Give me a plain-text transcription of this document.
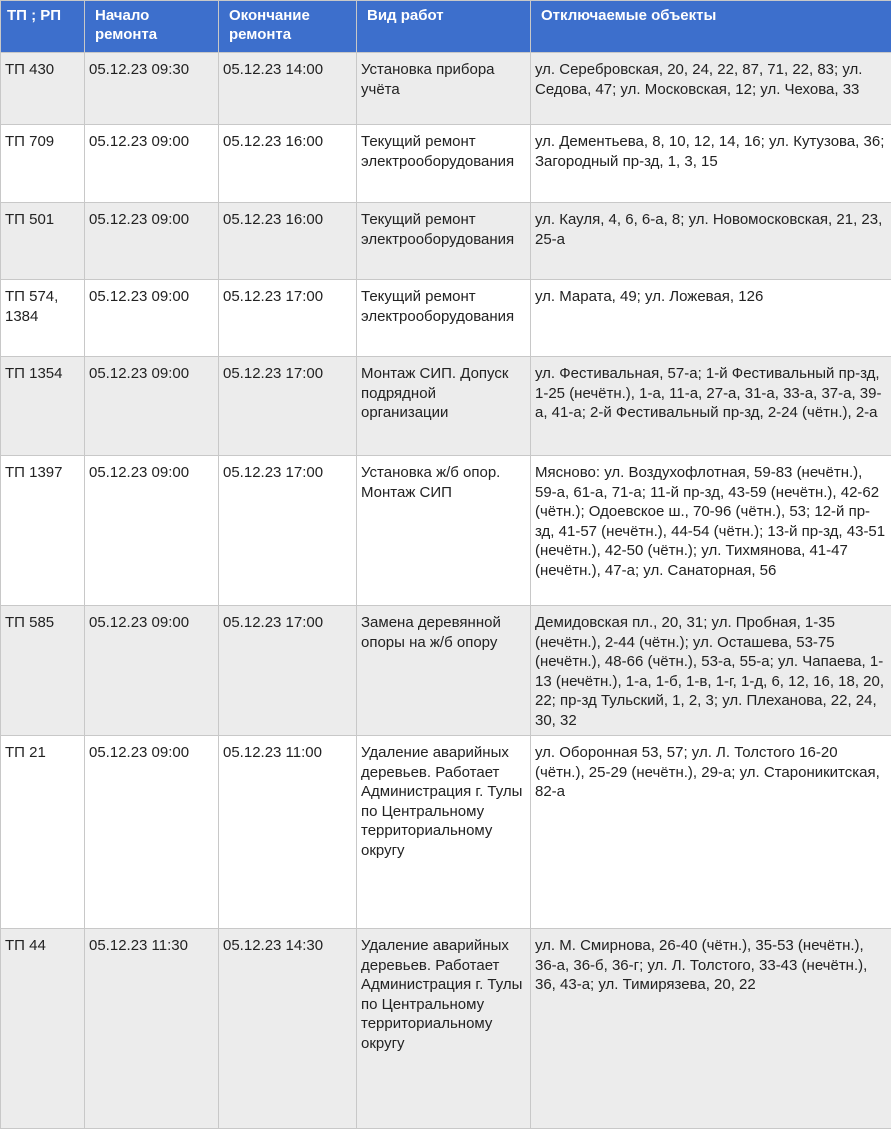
ТП ; РП	Начало ремонта	Окончание ремонта	Вид работ	Отключаемые объекты
ТП 430	05.12.23 09:30	05.12.23 14:00	Установка прибора учёта	ул. Серебровская, 20, 24, 22, 87, 71, 22, 83; ул. Седова, 47; ул. Московская, 12; ул. Чехова, 33
ТП 709	05.12.23 09:00	05.12.23 16:00	Текущий ремонт электрооборудования	ул. Дементьева, 8, 10, 12, 14, 16; ул. Кутузова, 36; Загородный пр-зд, 1, 3, 15
ТП 501	05.12.23 09:00	05.12.23 16:00	Текущий ремонт электрооборудования	ул. Кауля, 4, 6, 6-а, 8; ул. Новомосковская, 21, 23, 25-а
ТП 574, 1384	05.12.23 09:00	05.12.23 17:00	Текущий ремонт электрооборудования	ул. Марата, 49; ул. Ложевая, 126
ТП 1354	05.12.23 09:00	05.12.23 17:00	Монтаж СИП. Допуск подрядной организации	ул. Фестивальная, 57-а; 1-й Фестивальный пр-зд, 1-25 (нечётн.), 1-а, 11-а, 27-а, 31-а, 33-а, 37-а, 39-а, 41-а; 2-й Фестивальный пр-зд, 2-24 (чётн.), 2-а
ТП 1397	05.12.23 09:00	05.12.23 17:00	Установка ж/б опор. Монтаж СИП	Мясново: ул. Воздухофлотная, 59-83 (нечётн.), 59-а, 61-а, 71-а; 11-й пр-зд, 43-59 (нечётн.), 42-62 (чётн.); Одоевское ш., 70-96 (чётн.), 53; 12-й пр-зд, 41-57 (нечётн.), 44-54 (чётн.); 13-й пр-зд, 43-51 (нечётн.), 42-50 (чётн.); ул. Тихмянова, 41-47 (нечётн.), 47-а; ул. Санаторная, 56
ТП 585	05.12.23 09:00	05.12.23 17:00	Замена деревянной опоры на ж/б опору	Демидовская пл., 20, 31; ул. Пробная, 1-35 (нечётн.), 2-44 (чётн.); ул. Осташева, 53-75 (нечётн.), 48-66 (чётн.), 53-а, 55-а; ул. Чапаева, 1-13 (нечётн.), 1-а, 1-б, 1-в, 1-г, 1-д, 6, 12, 16, 18, 20, 22; пр-зд Тульский, 1, 2, 3; ул. Плеханова, 22, 24, 30, 32
ТП 21	05.12.23 09:00	05.12.23 11:00	Удаление аварийных деревьев. Работает Администрация г. Тулы по Центральному территориальному округу	ул. Оборонная 53, 57; ул. Л. Толстого 16-20 (чётн.), 25-29 (нечётн.), 29-а; ул. Староникитская, 82-а
ТП 44	05.12.23 11:30	05.12.23 14:30	Удаление аварийных деревьев. Работает Администрация г. Тулы по Центральному территориальному округу	ул. М. Смирнова, 26-40 (чётн.), 35-53 (нечётн.), 36-а, 36-б, 36-г; ул. Л. Толстого, 33-43 (нечётн.), 36, 43-а; ул. Тимирязева, 20, 22
